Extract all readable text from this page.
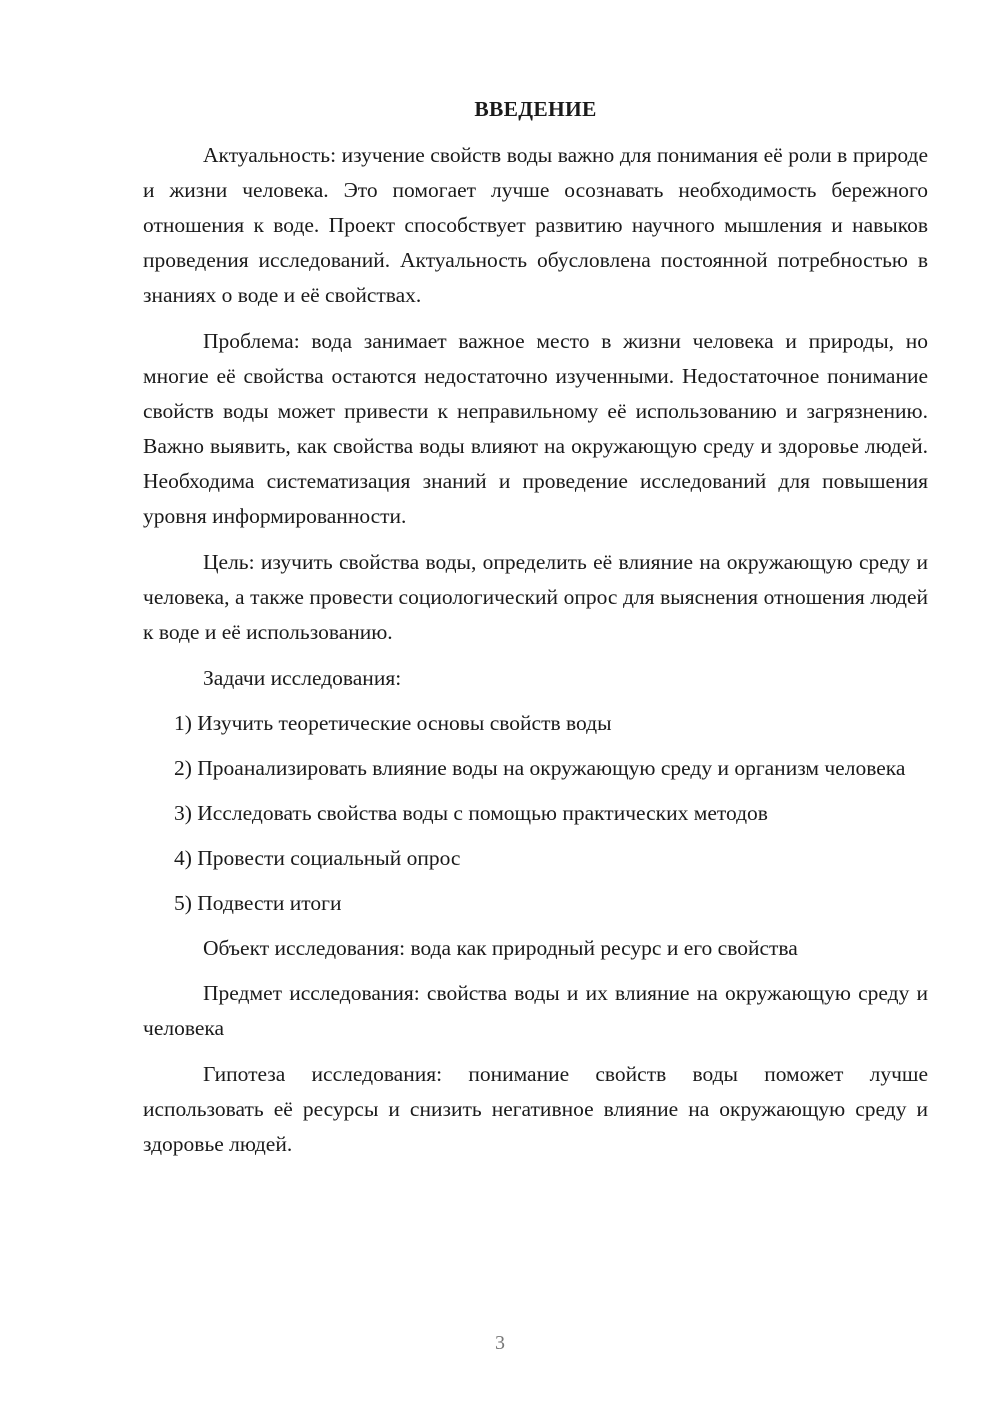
ВВЕДЕНИЕ

Актуальность: изучение свойств воды важно для понимания её роли в природе и жизни человека. Это помогает лучше осознавать необходимость бережного отношения к воде. Проект способствует развитию научного мышления и навыков проведения исследований. Актуальность обусловлена постоянной потребностью в знаниях о воде и её свойствах.

Проблема: вода занимает важное место в жизни человека и природы, но многие её свойства остаются недостаточно изученными. Недостаточное понимание свойств воды может привести к неправильному её использованию и загрязнению. Важно выявить, как свойства воды влияют на окружающую среду и здоровье людей. Необходима систематизация знаний и проведение исследований для повышения уровня информированности.

Цель: изучить свойства воды, определить её влияние на окружающую среду и человека, а также провести социологический опрос для выяснения отношения людей к воде и её использованию.

Задачи исследования:

1) Изучить теоретические основы свойств воды

2) Проанализировать влияние воды на окружающую среду и организм человека

3) Исследовать свойства воды с помощью практических методов

4) Провести социальный опрос

5) Подвести итоги

Объект исследования: вода как природный ресурс и его свойства

Предмет исследования: свойства воды и их влияние на окружающую среду и человека

Гипотеза исследования: понимание свойств воды поможет лучше использовать её ресурсы и снизить негативное влияние на окружающую среду и здоровье людей.

3
